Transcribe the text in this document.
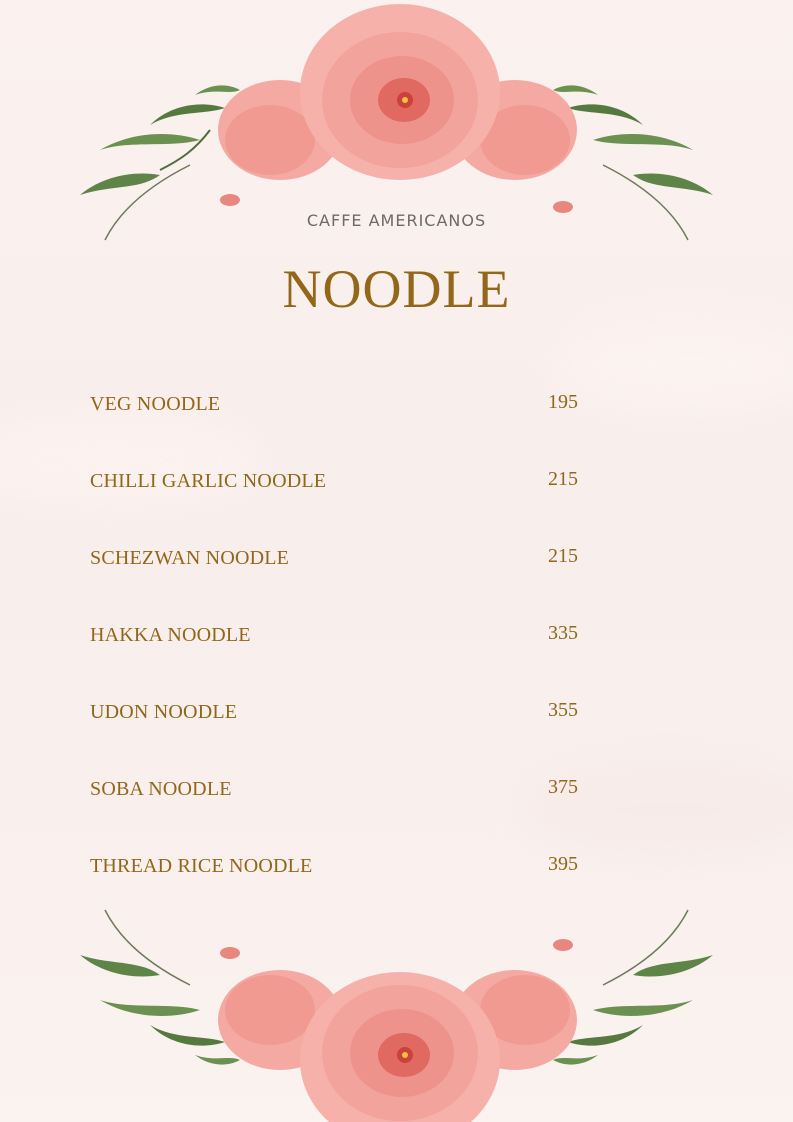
CAFFE AMERICANOS
NOODLE
VEG NOODLE	195
CHILLI GARLIC NOODLE	215
SCHEZWAN NOODLE	215
HAKKA NOODLE	335
UDON NOODLE	355
SOBA NOODLE	375
THREAD RICE NOODLE	395
